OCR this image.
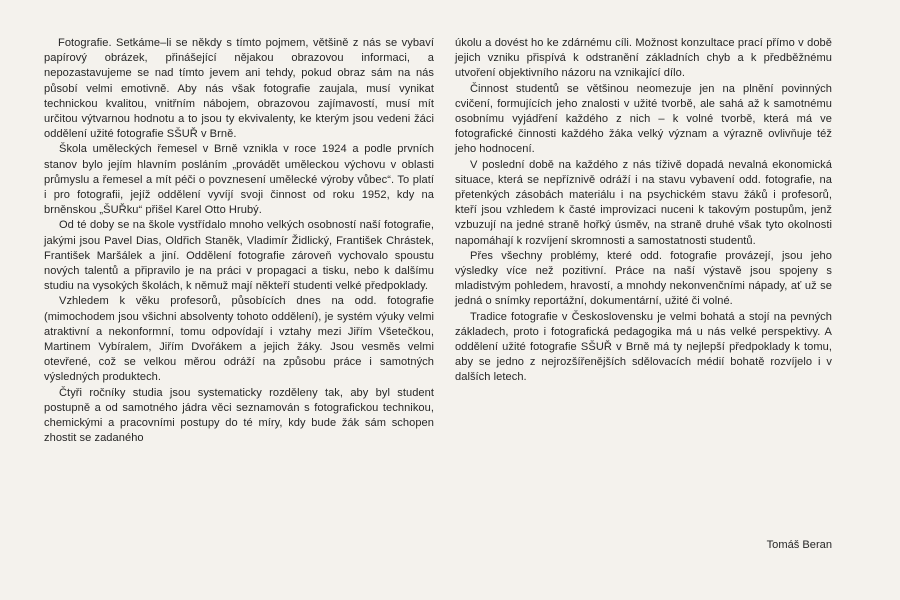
Fotografie. Setkáme–li se někdy s tímto pojmem, většině z nás se vybaví papírový obrázek, přinášející nějakou obrazovou informaci, a nepozastavujeme se nad tímto jevem ani tehdy, pokud obraz sám na nás působí velmi emotivně. Aby nás však fotografie zaujala, musí vynikat technickou kvalitou, vnitřním nábojem, obrazovou zajímavostí, musí mít určitou výtvarnou hodnotu a to jsou ty ekvivalenty, ke kterým jsou vedeni žáci oddělení užité fotografie SŠUŘ v Brně.

Škola uměleckých řemesel v Brně vznikla v roce 1924 a podle prvních stanov bylo jejím hlavním posláním „provádět uměleckou výchovu v oblasti průmyslu a řemesel a mít péči o povznesení umělecké výroby vůbec“. To platí i pro fotografii, jejíž oddělení vyvíjí svoji činnost od roku 1952, kdy na brněnskou „ŠUŘku“ přišel Karel Otto Hrubý.

Od té doby se na škole vystřídalo mnoho velkých osobností naší fotografie, jakými jsou Pavel Dias, Oldřich Staněk, Vladimír Židlický, František Chrástek, František Maršálek a jiní. Oddělení fotografie zároveň vychovalo spoustu nových talentů a připravilo je na práci v propagaci a tisku, nebo k dalšímu studiu na vysokých školách, k němuž mají někteří studenti velké předpoklady.

Vzhledem k věku profesorů, působících dnes na odd. fotografie (mimochodem jsou všichni absolventy tohoto oddělení), je systém výuky velmi atraktivní a nekonformní, tomu odpovídají i vztahy mezi Jiřím Všetečkou, Martinem Vybíralem, Jiřím Dvořákem a jejich žáky. Jsou vesměs velmi otevřené, což se velkou měrou odráží na způsobu práce i samotných výsledných produktech.

Čtyři ročníky studia jsou systematicky rozděleny tak, aby byl student postupně a od samotného jádra věci seznamován s fotografickou technikou, chemickými a pracovními postupy do té míry, kdy bude žák sám schopen zhostit se zadaného

úkolu a dovést ho ke zdárnému cíli. Možnost konzultace prací přímo v době jejich vzniku přispívá k odstranění základních chyb a k předběžnému utvoření objektivního názoru na vznikající dílo.

Činnost studentů se většinou neomezuje jen na plnění povinných cvičení, formujících jeho znalosti v užité tvorbě, ale sahá až k samotnému osobnímu vyjádření každého z nich – k volné tvorbě, která má ve fotografické činnosti každého žáka velký význam a výrazně ovlivňuje též jeho hodnocení.

V poslední době na každého z nás tíživě dopadá nevalná ekonomická situace, která se nepříznivě odráží i na stavu vybavení odd. fotografie, na přetenkých zásobách materiálu i na psychickém stavu žáků i profesorů, kteří jsou vzhledem k časté improvizaci nuceni k takovým postupům, jenž vzbuzují na jedné straně hořký úsměv, na straně druhé však tyto okolnosti napomáhají k rozvíjení skromnosti a samostatnosti studentů.

Přes všechny problémy, které odd. fotografie provázejí, jsou jeho výsledky více než pozitivní. Práce na naší výstavě jsou spojeny s mladistvým pohledem, hravostí, a mnohdy nekonvenčními nápady, ať už se jedná o snímky reportážní, dokumentární, užité či volné.

Tradice fotografie v Československu je velmi bohatá a stojí na pevných základech, proto i fotografická pedagogika má u nás velké perspektivy. A oddělení užité fotografie SŠUŘ v Brně má ty nejlepší předpoklady k tomu, aby se jedno z nejrozšířenějších sdělovacích médií bohatě rozvíjelo i v dalších letech.

Tomáš Beran
